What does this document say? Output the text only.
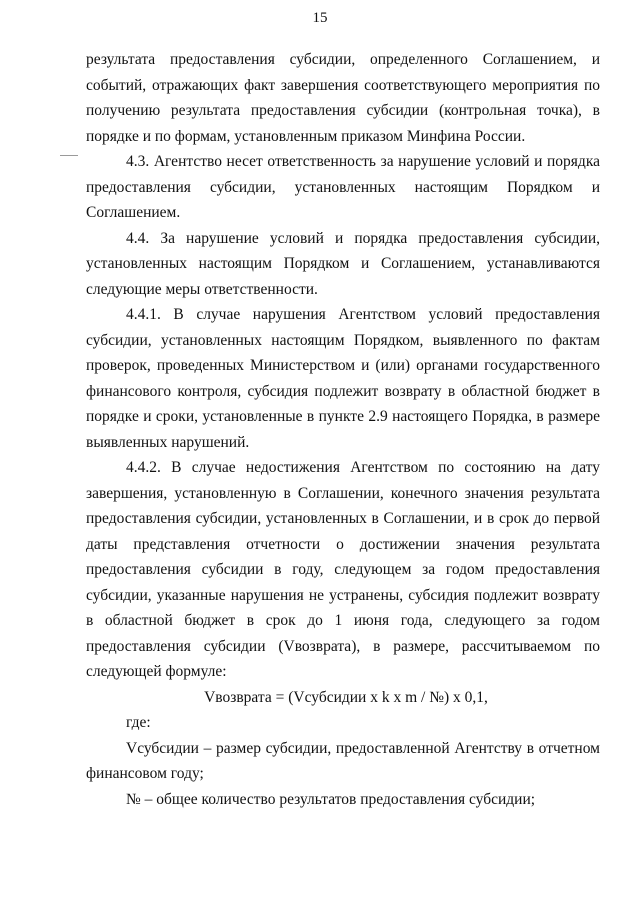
15

результата предоставления субсидии, определенного Соглашением, и событий, отражающих факт завершения соответствующего мероприятия по получению результата предоставления субсидии (контрольная точка), в порядке и по формам, установленным приказом Минфина России.

4.3. Агентство несет ответственность за нарушение условий и порядка предоставления субсидии, установленных настоящим Порядком и Соглашением.

4.4. За нарушение условий и порядка предоставления субсидии, установленных настоящим Порядком и Соглашением, устанавливаются следующие меры ответственности.

4.4.1. В случае нарушения Агентством условий предоставления субсидии, установленных настоящим Порядком, выявленного по фактам проверок, проведенных Министерством и (или) органами государственного финансового контроля, субсидия подлежит возврату в областной бюджет в порядке и сроки, установленные в пункте 2.9 настоящего Порядка, в размере выявленных нарушений.

4.4.2. В случае недостижения Агентством по состоянию на дату завершения, установленную в Соглашении, конечного значения результата предоставления субсидии, установленных в Соглашении, и в срок до первой даты представления отчетности о достижении значения результата предоставления субсидии в году, следующем за годом предоставления субсидии, указанные нарушения не устранены, субсидия подлежит возврату в областной бюджет в срок до 1 июня года, следующего за годом предоставления субсидии (Vвозврата), в размере, рассчитываемом по следующей формуле:

Vвозврата = (Vсубсидии x k x m / №) x 0,1,

где:

Vсубсидии – размер субсидии, предоставленной Агентству в отчетном финансовом году;

№ – общее количество результатов предоставления субсидии;
